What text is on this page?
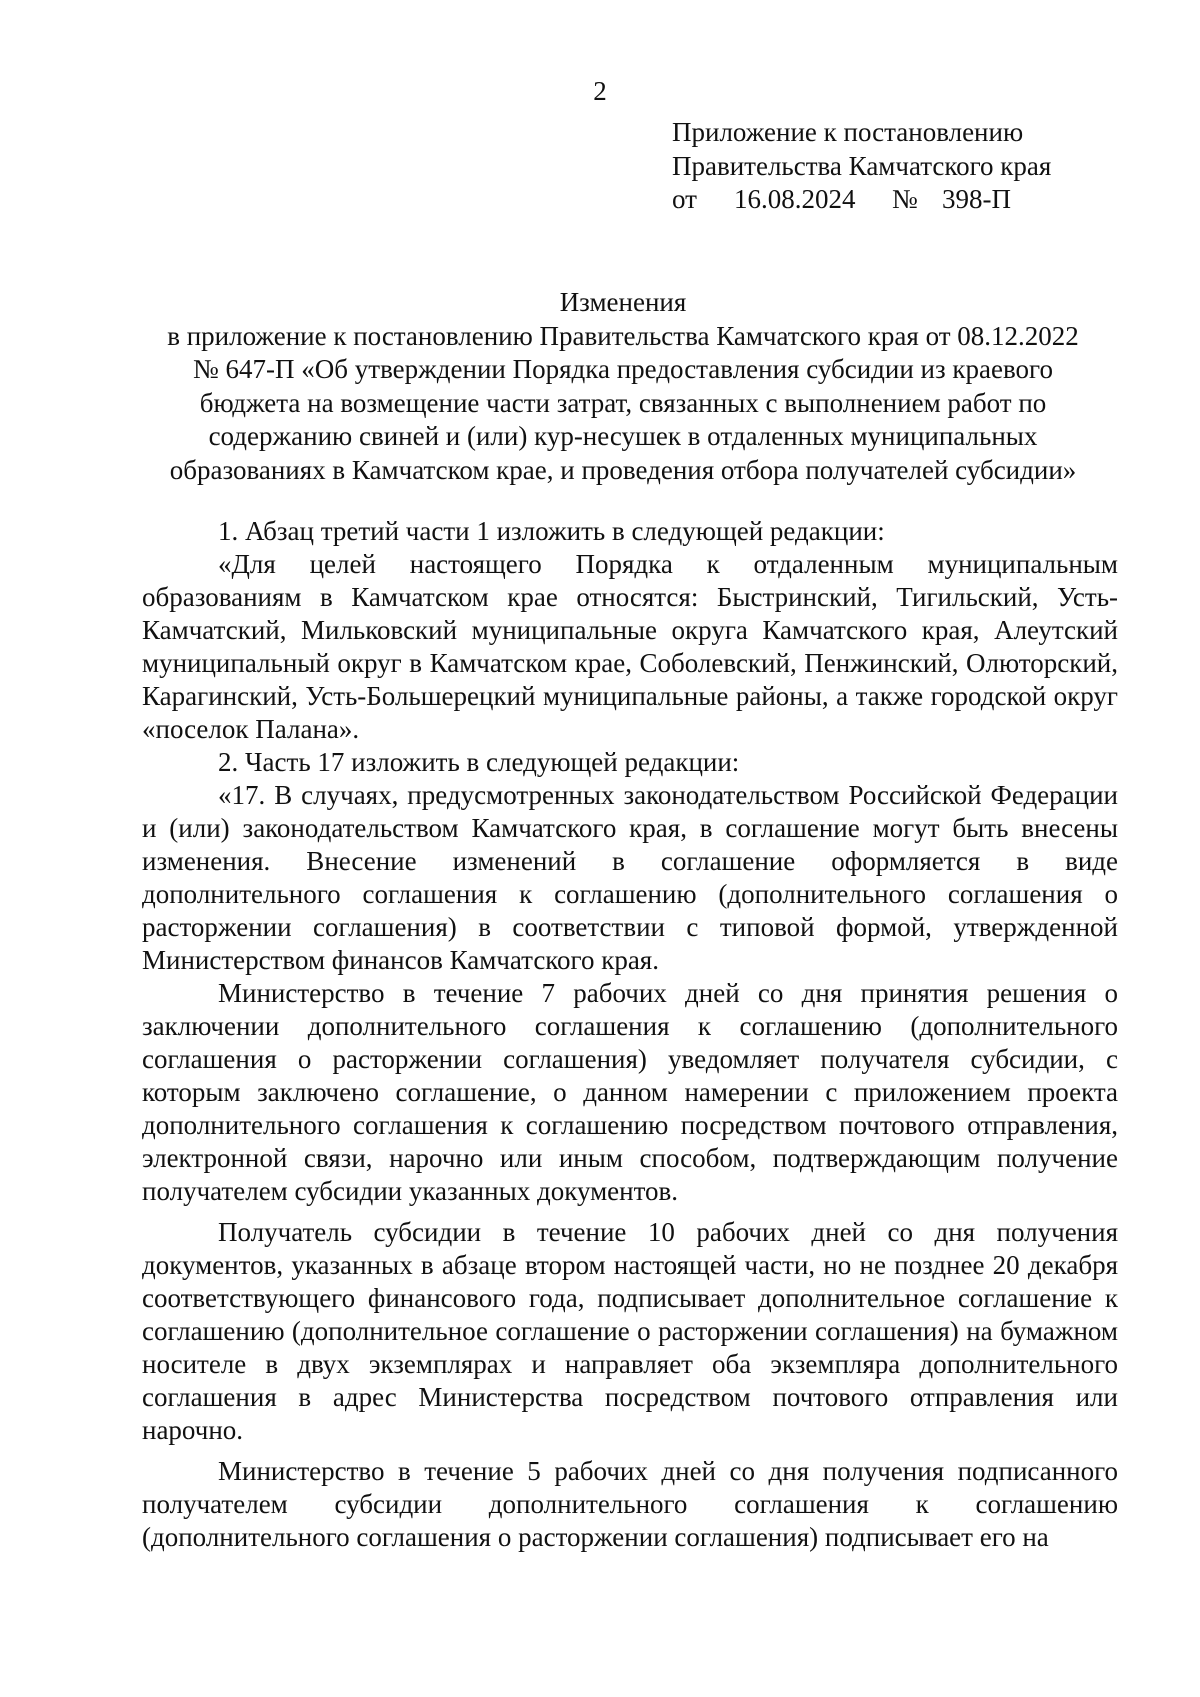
2
Приложение к постановлению
Правительства Камчатского края
от 16.08.2024 № 398-П
Изменения
в приложение к постановлению Правительства Камчатского края от 08.12.2022
№ 647-П «Об утверждении Порядка предоставления субсидии из краевого
бюджета на возмещение части затрат, связанных с выполнением работ по
содержанию свиней и (или) кур-несушек в отдаленных муниципальных
образованиях в Камчатском крае, и проведения отбора получателей субсидии»

1. Абзац третий части 1 изложить в следующей редакции:

«Для целей настоящего Порядка к отдаленным муниципальным образованиям в Камчатском крае относятся: Быстринский, Тигильский, Усть-Камчатский, Мильковский муниципальные округа Камчатского края, Алеутский муниципальный округ в Камчатском крае, Соболевский, Пенжинский, Олюторский, Карагинский, Усть-Большерецкий муниципальные районы, а также городской округ «поселок Палана».

2. Часть 17 изложить в следующей редакции:

«17. В случаях, предусмотренных законодательством Российской Федерации и (или) законодательством Камчатского края, в соглашение могут быть внесены изменения. Внесение изменений в соглашение оформляется в виде дополнительного соглашения к соглашению (дополнительного соглашения о расторжении соглашения) в соответствии с типовой формой, утвержденной Министерством финансов Камчатского края.

Министерство в течение 7 рабочих дней со дня принятия решения о заключении дополнительного соглашения к соглашению (дополнительного соглашения о расторжении соглашения) уведомляет получателя субсидии, с которым заключено соглашение, о данном намерении с приложением проекта дополнительного соглашения к соглашению посредством почтового отправления, электронной связи, нарочно или иным способом, подтверждающим получение получателем субсидии указанных документов.

Получатель субсидии в течение 10 рабочих дней со дня получения документов, указанных в абзаце втором настоящей части, но не позднее 20 декабря соответствующего финансового года, подписывает дополнительное соглашение к соглашению (дополнительное соглашение о расторжении соглашения) на бумажном носителе в двух экземплярах и направляет оба экземпляра дополнительного соглашения в адрес Министерства посредством почтового отправления или нарочно.

Министерство в течение 5 рабочих дней со дня получения подписанного получателем субсидии дополнительного соглашения к соглашению (дополнительного соглашения о расторжении соглашения) подписывает его на
